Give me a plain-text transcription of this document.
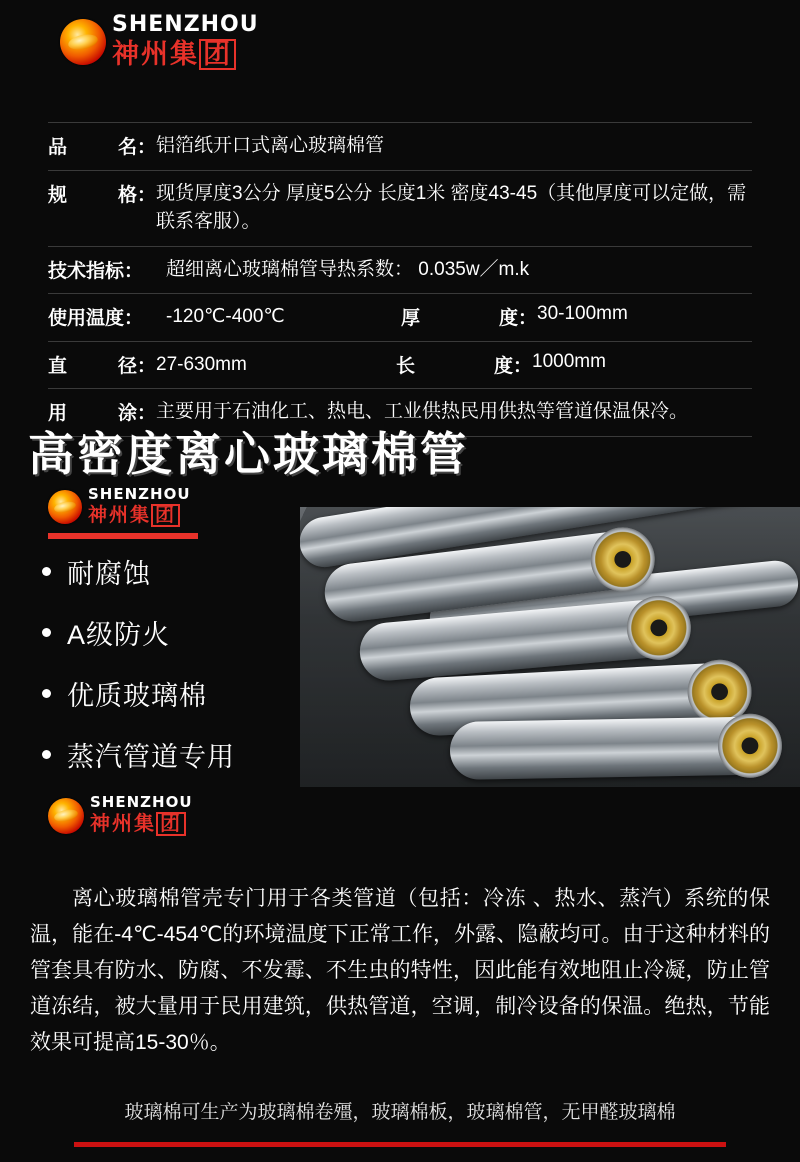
SHENZHOU
神州集 团
品	名： 铝箔纸开口式离心玻璃棉管
规	格： 现货厚度3公分 厚度5公分 长度1米 密度43-45（其他厚度可以定做，需联系客服）。
技术指标：	超细离心玻璃棉管导热系数： 0.035w／m.k
使用温度：	-120℃-400℃	厚	度： 30-100mm
直	径： 27-630mm	长	度： 1000mm
用	涂： 主要用于石油化工、热电、工业供热民用供热等管道保温保冷。
高密度离心玻璃棉管
SHENZHOU
神州集 团
耐腐蚀
A级防火
优质玻璃棉
蒸汽管道专用
SHENZHOU
神州集 团
离心玻璃棉管壳专门用于各类管道（包括：冷冻 、热水、蒸汽）系统的保温，能在-4℃-454℃的环境温度下正常工作，外露、隐蔽均可。由于这种材料的管套具有防水、防腐、不发霉、不生虫的特性，因此能有效地阻止冷凝，防止管道冻结，被大量用于民用建筑，供热管道，空调，制冷设备的保温。绝热，节能效果可提高15-30％。
玻璃棉可生产为玻璃棉卷殭，玻璃棉板，玻璃棉管，无甲醛玻璃棉
